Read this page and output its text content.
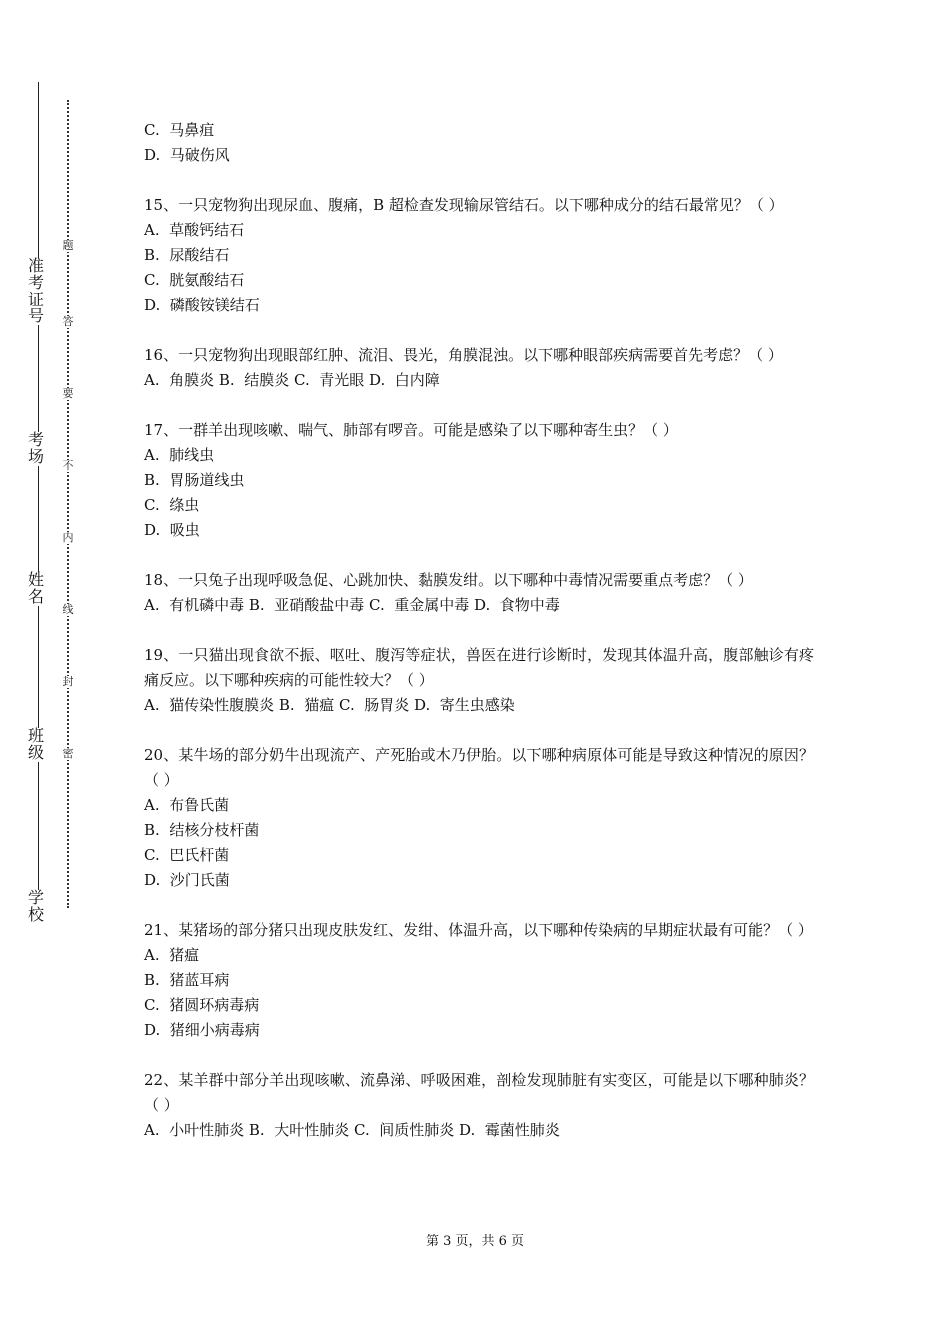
准
考
证
号
考
场
姓
名
班
级
学
校
题
答
要
不
内
线
封
密

C.  马鼻疽

D.  马破伤风

15、一只宠物狗出现尿血、腹痛，B 超检查发现输尿管结石。以下哪种成分的结石最常见？（ ）

A.  草酸钙结石

B.  尿酸结石

C.  胱氨酸结石

D.  磷酸铵镁结石

16、一只宠物狗出现眼部红肿、流泪、畏光，角膜混浊。以下哪种眼部疾病需要首先考虑？（ ）

A.  角膜炎 B.  结膜炎 C.  青光眼 D.  白内障

17、一群羊出现咳嗽、喘气、肺部有啰音。可能是感染了以下哪种寄生虫？（ ）

A.  肺线虫

B.  胃肠道线虫

C.  绦虫

D.  吸虫

18、一只兔子出现呼吸急促、心跳加快、黏膜发绀。以下哪种中毒情况需要重点考虑？（ ）

A.  有机磷中毒 B.  亚硝酸盐中毒 C.  重金属中毒 D.  食物中毒

19、一只猫出现食欲不振、呕吐、腹泻等症状，兽医在进行诊断时，发现其体温升高，腹部触诊有疼痛反应。以下哪种疾病的可能性较大？（ ）

A.  猫传染性腹膜炎 B.  猫瘟 C.  肠胃炎 D.  寄生虫感染

20、某牛场的部分奶牛出现流产、产死胎或木乃伊胎。以下哪种病原体可能是导致这种情况的原因？（ ）

A.  布鲁氏菌

B.  结核分枝杆菌

C.  巴氏杆菌

D.  沙门氏菌

21、某猪场的部分猪只出现皮肤发红、发绀、体温升高，以下哪种传染病的早期症状最有可能？（ ）

A.  猪瘟

B.  猪蓝耳病

C.  猪圆环病毒病

D.  猪细小病毒病

22、某羊群中部分羊出现咳嗽、流鼻涕、呼吸困难，剖检发现肺脏有实变区，可能是以下哪种肺炎？（ ）

A.  小叶性肺炎 B.  大叶性肺炎 C.  间质性肺炎 D.  霉菌性肺炎

第 3 页，共 6 页
